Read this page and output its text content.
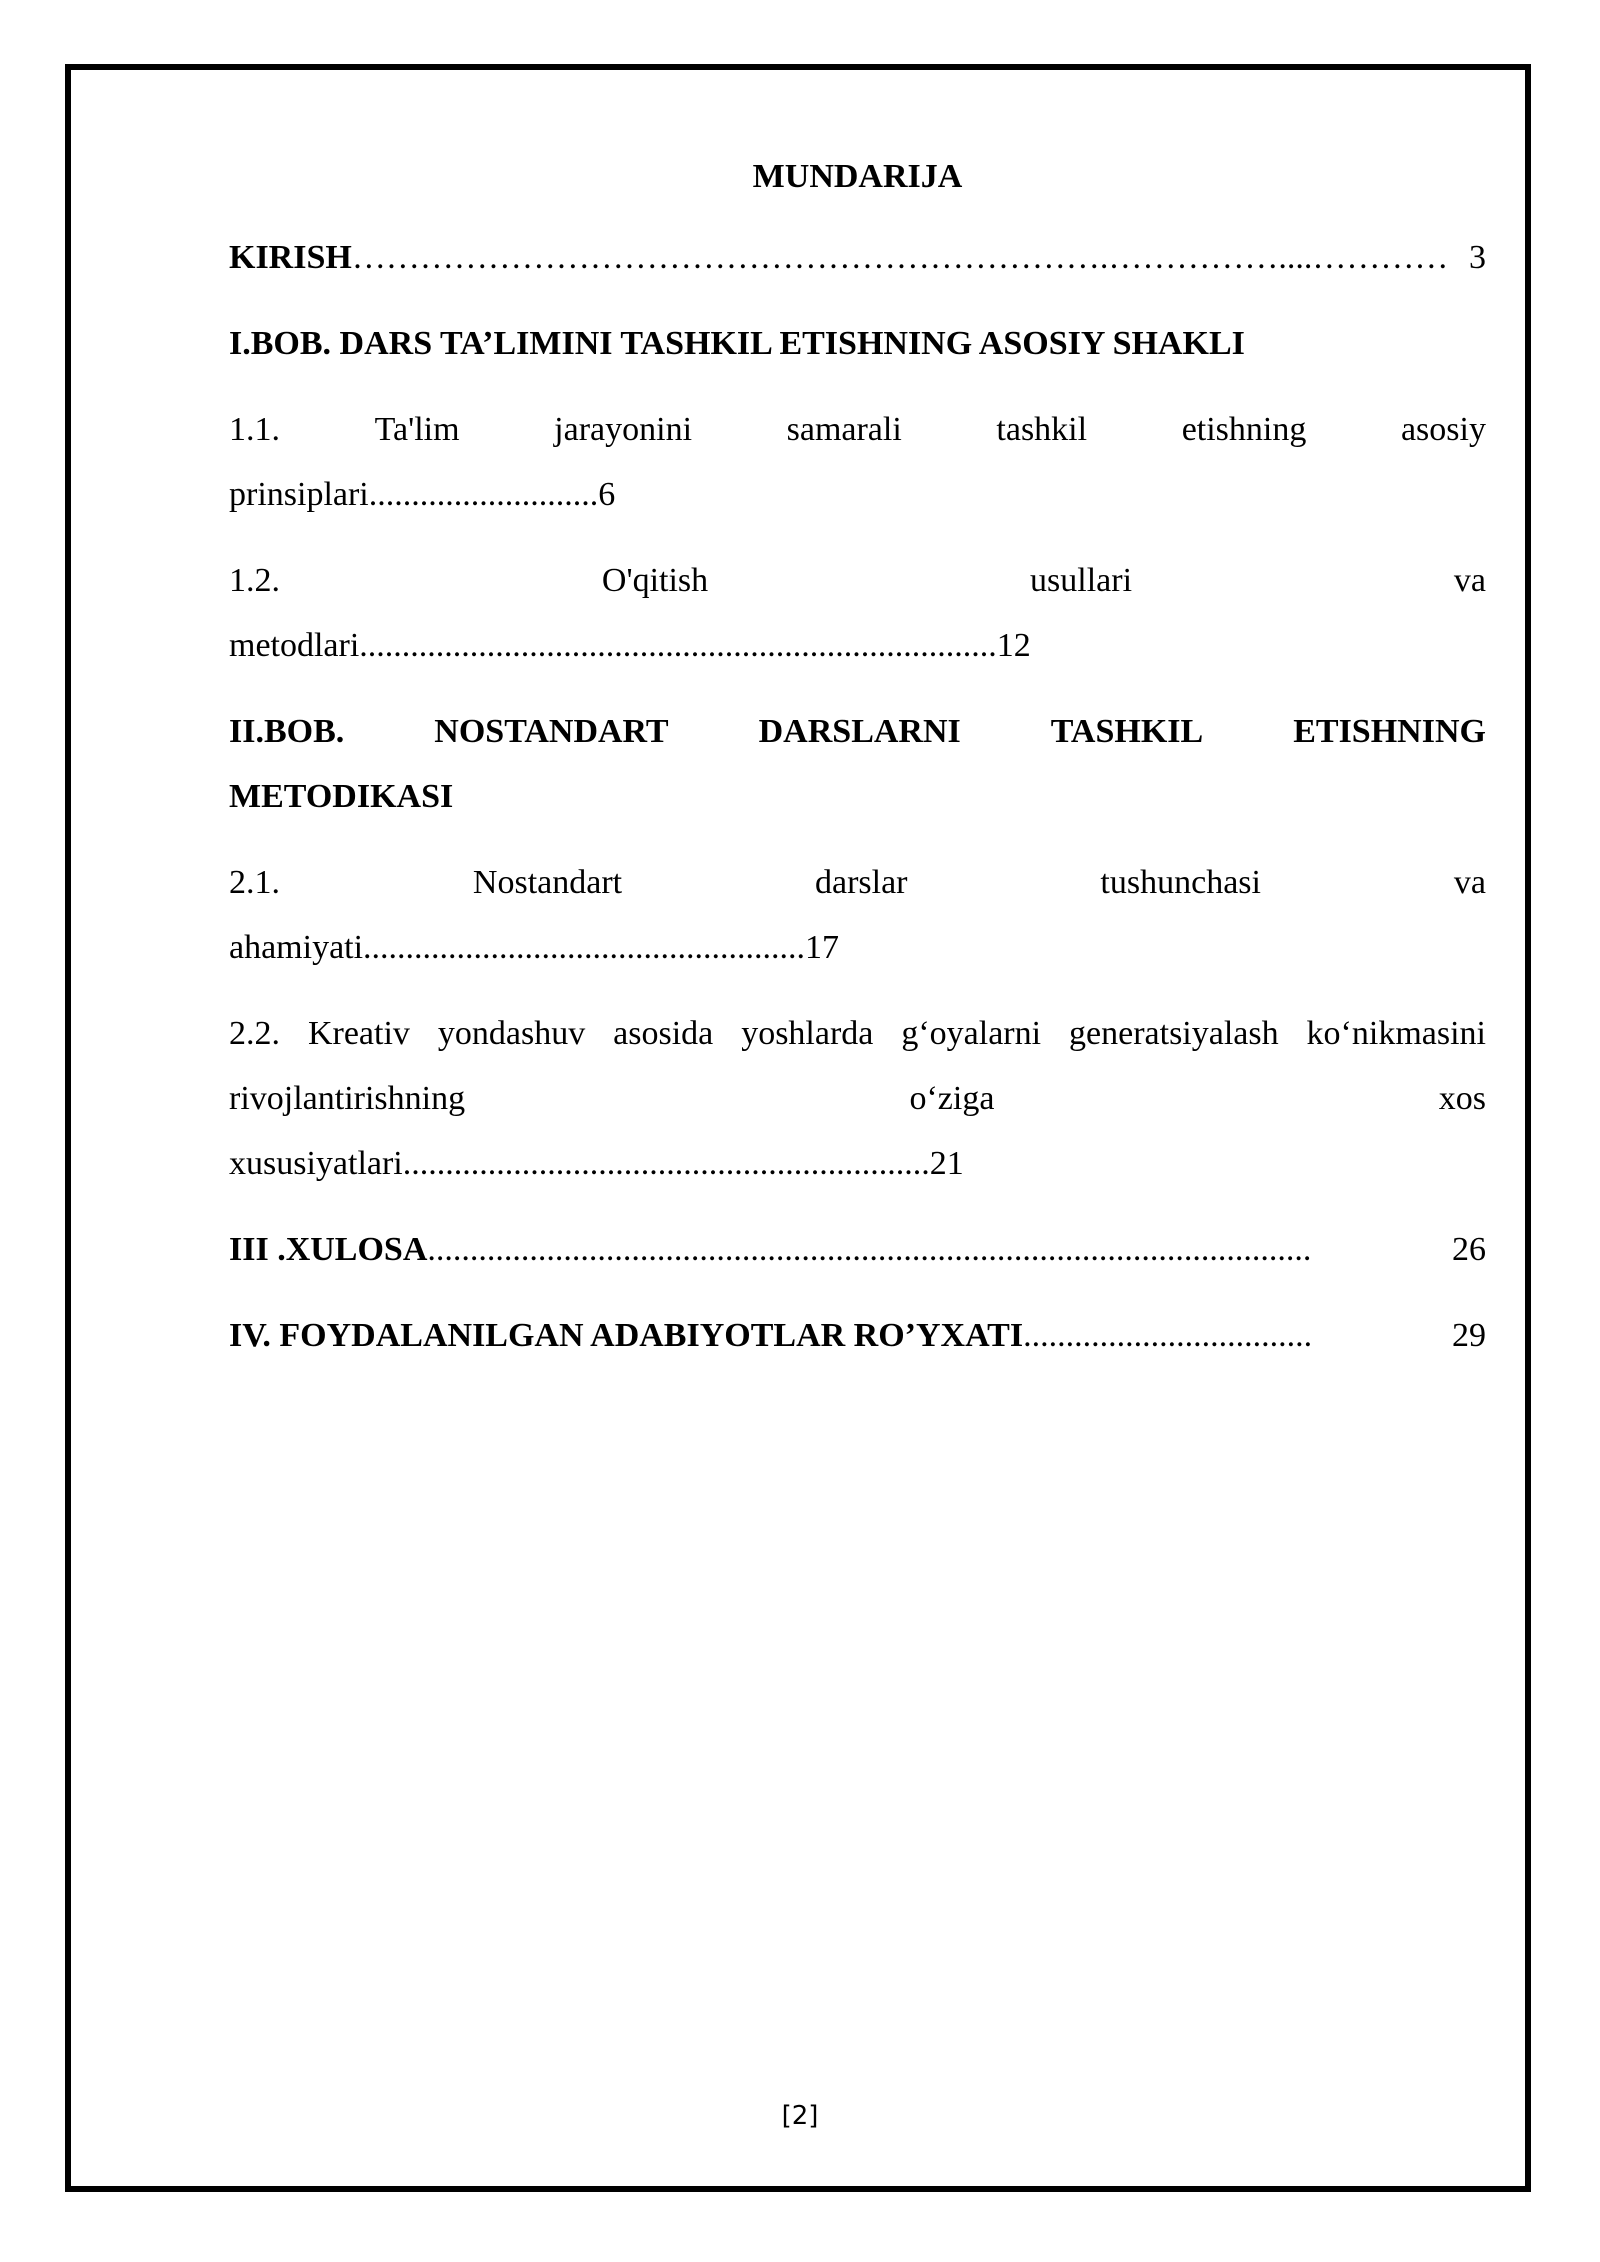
MUNDARIJA
KIRISH ………………………………………………………….……………....………… 3
I.BOB. DARS TA’LIMINI TASHKIL ETISHNING ASOSIY SHAKLI
1.1.	Ta'lim	jarayonini	samarali	tashkil	etishning	asosiy
prinsiplari...........................6
1.2.	O'qitish	usullari	va
metodlari...........................................................................12
II.BOB.	NOSTANDART	DARSLARNI	TASHKIL	ETISHNING
METODIKASI
2.1.	Nostandart	darslar	tushunchasi	va
ahamiyati....................................................17
2.2. Kreativ yondashuv asosida yoshlarda g‘oyalarni generatsiyalash ko‘nikmasini
rivojlantirishning	o‘ziga	xos
xususiyatlari..............................................................21
III .XULOSA ........................................................................................................	26
IV. FOYDALANILGAN ADABIYOTLAR RO’YXATI ..................................	29
[2]
